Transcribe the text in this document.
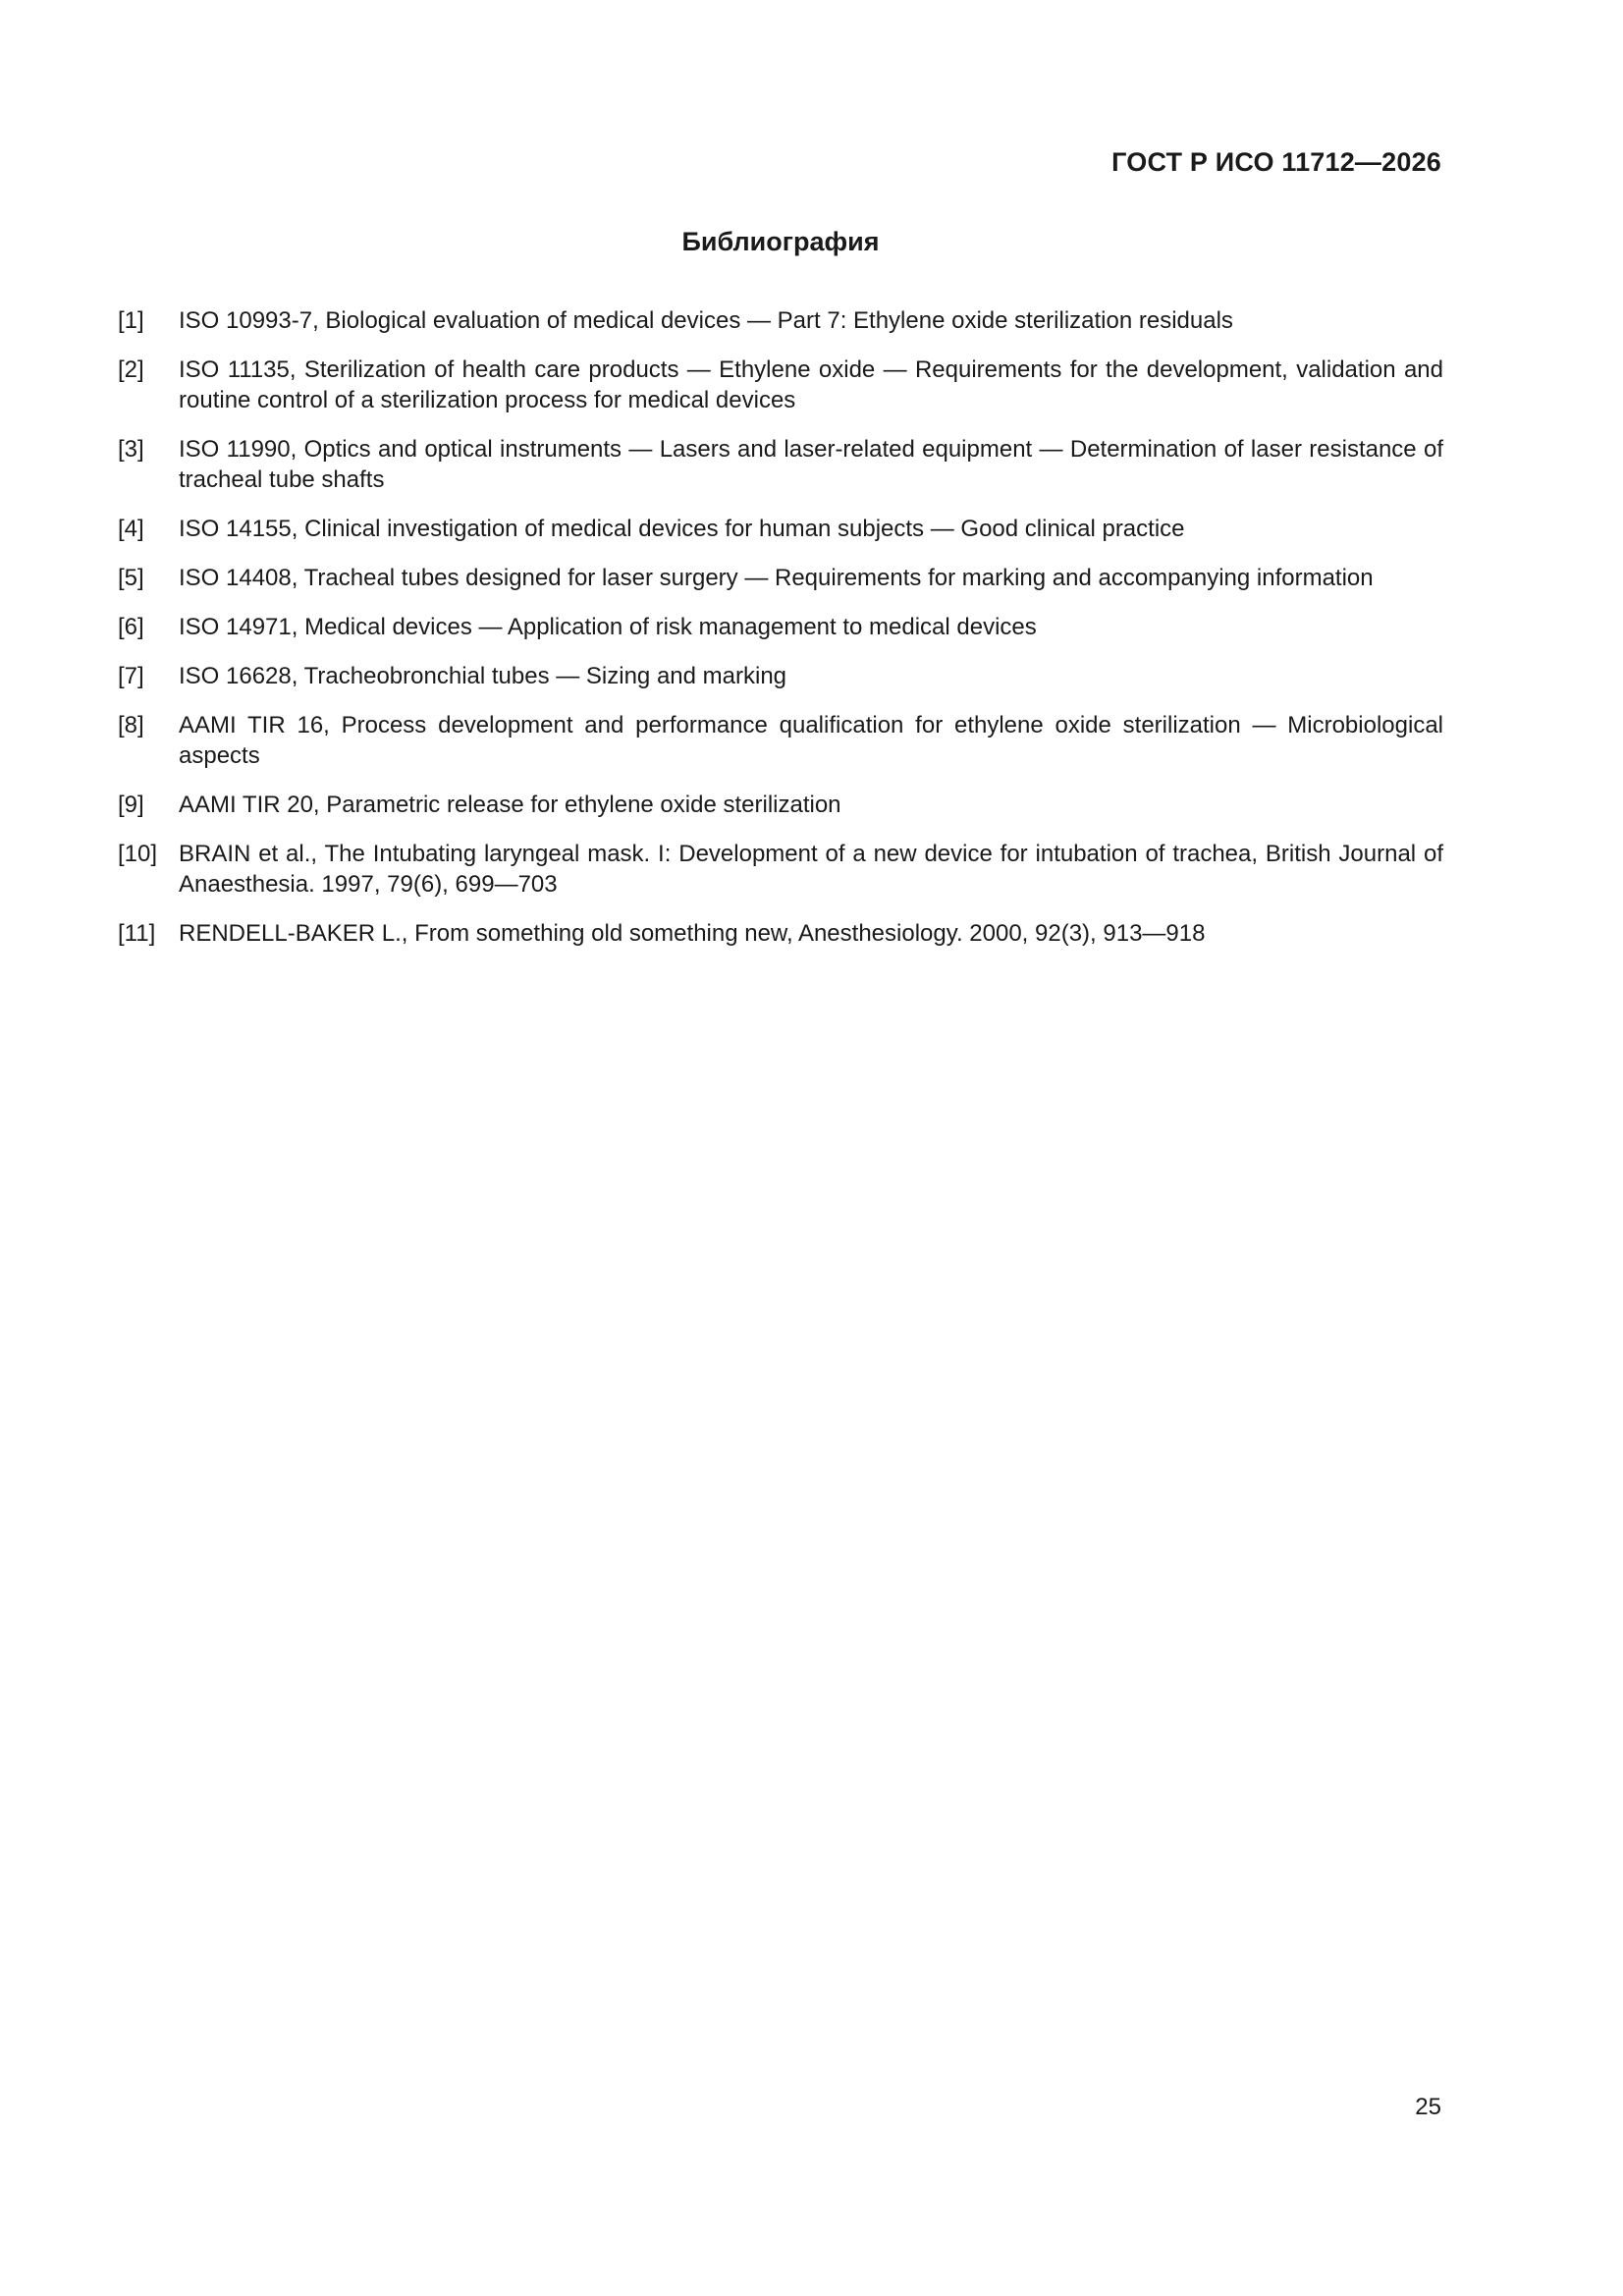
ГОСТ Р ИСО 11712—2026
Библиография
[1]	ISO 10993-7, Biological evaluation of medical devices — Part 7: Ethylene oxide sterilization residuals
[2]	ISO 11135, Sterilization of health care products — Ethylene oxide — Requirements for the development, validation and routine control of a sterilization process for medical devices
[3]	ISO 11990, Optics and optical instruments — Lasers and laser-related equipment — Determination of laser resistance of tracheal tube shafts
[4]	ISO 14155, Clinical investigation of medical devices for human subjects — Good clinical practice
[5]	ISO 14408, Tracheal tubes designed for laser surgery — Requirements for marking and accompanying information
[6]	ISO 14971, Medical devices — Application of risk management to medical devices
[7]	ISO 16628, Tracheobronchial tubes — Sizing and marking
[8]	AAMI TIR 16, Process development and performance qualification for ethylene oxide sterilization — Microbiological aspects
[9]	AAMI TIR 20, Parametric release for ethylene oxide sterilization
[10] BRAIN et al., The Intubating laryngeal mask. I: Development of a new device for intubation of trachea, British Journal of Anaesthesia. 1997, 79(6), 699—703
[11] RENDELL-BAKER L., From something old something new, Anesthesiology. 2000, 92(3), 913—918
25
